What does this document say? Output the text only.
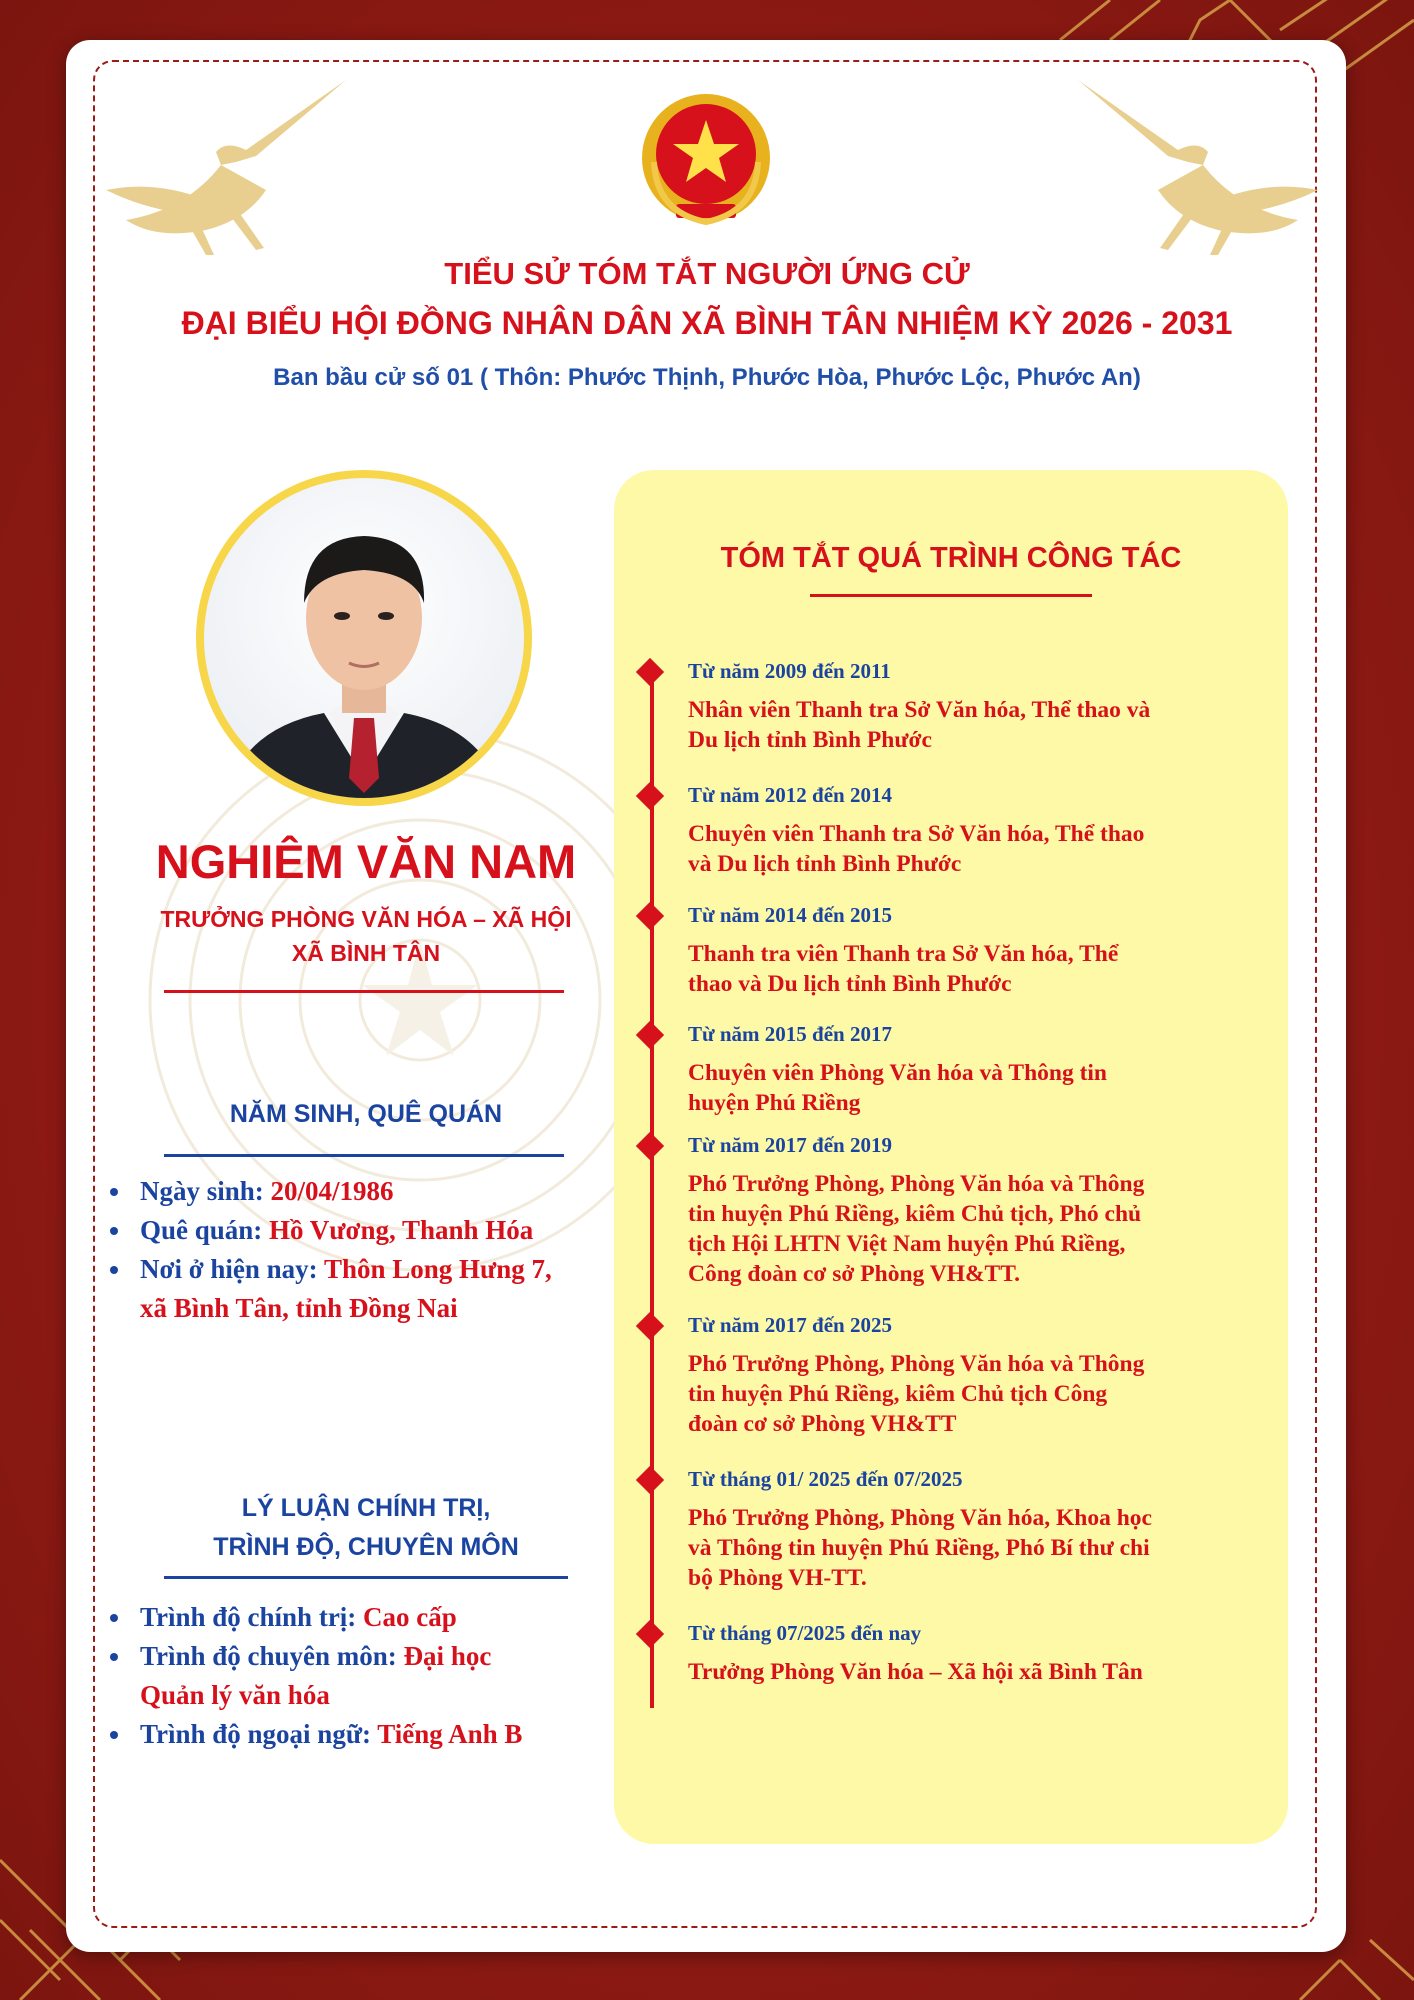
TIỂU SỬ TÓM TẮT NGƯỜI ỨNG CỬ
ĐẠI BIỂU HỘI ĐỒNG NHÂN DÂN XÃ BÌNH TÂN NHIỆM KỲ 2026 - 2031

Ban bầu cử số 01 ( Thôn: Phước Thịnh, Phước Hòa, Phước Lộc, Phước An)

NGHIÊM VĂN NAM

TRƯỞNG PHÒNG VĂN HÓA – XÃ HỘI

XÃ BÌNH TÂN

NĂM SINH, QUÊ QUÁN

Ngày sinh: 20/04/1986

Quê quán: Hồ Vương, Thanh Hóa

Nơi ở hiện nay: Thôn Long Hưng 7,

xã Bình Tân, tỉnh Đồng Nai

LÝ LUẬN CHÍNH TRỊ,
TRÌNH ĐỘ, CHUYÊN MÔN

Trình độ chính trị: Cao cấp

Trình độ chuyên môn: Đại học

Quản lý văn hóa

Trình độ ngoại ngữ: Tiếng Anh B

TÓM TẮT QUÁ TRÌNH CÔNG TÁC

Từ năm 2009 đến 2011

Nhân viên Thanh tra Sở Văn hóa, Thể thao và

Du lịch tỉnh Bình Phước

Từ năm 2012 đến 2014

Chuyên viên Thanh tra Sở Văn hóa, Thể thao

và Du lịch tỉnh Bình Phước

Từ năm 2014 đến 2015

Thanh tra viên Thanh tra Sở Văn hóa, Thể

thao và Du lịch tỉnh Bình Phước

Từ năm 2015 đến 2017

Chuyên viên Phòng Văn hóa và Thông tin

huyện Phú Riềng

Từ năm 2017 đến 2019

Phó Trưởng Phòng, Phòng Văn hóa và Thông

tin huyện Phú Riềng, kiêm Chủ tịch, Phó chủ

tịch Hội LHTN Việt Nam huyện Phú Riềng,

Công đoàn cơ sở Phòng VH&TT.

Từ năm 2017 đến 2025

Phó Trưởng Phòng, Phòng Văn hóa và Thông

tin huyện Phú Riềng, kiêm Chủ tịch Công

đoàn cơ sở Phòng VH&TT

Từ tháng 01/ 2025 đến 07/2025

Phó Trưởng Phòng, Phòng Văn hóa, Khoa học

và Thông tin huyện Phú Riềng, Phó Bí thư chi

bộ Phòng VH-TT.

Từ tháng 07/2025 đến nay

Trưởng Phòng Văn hóa – Xã hội xã Bình Tân
